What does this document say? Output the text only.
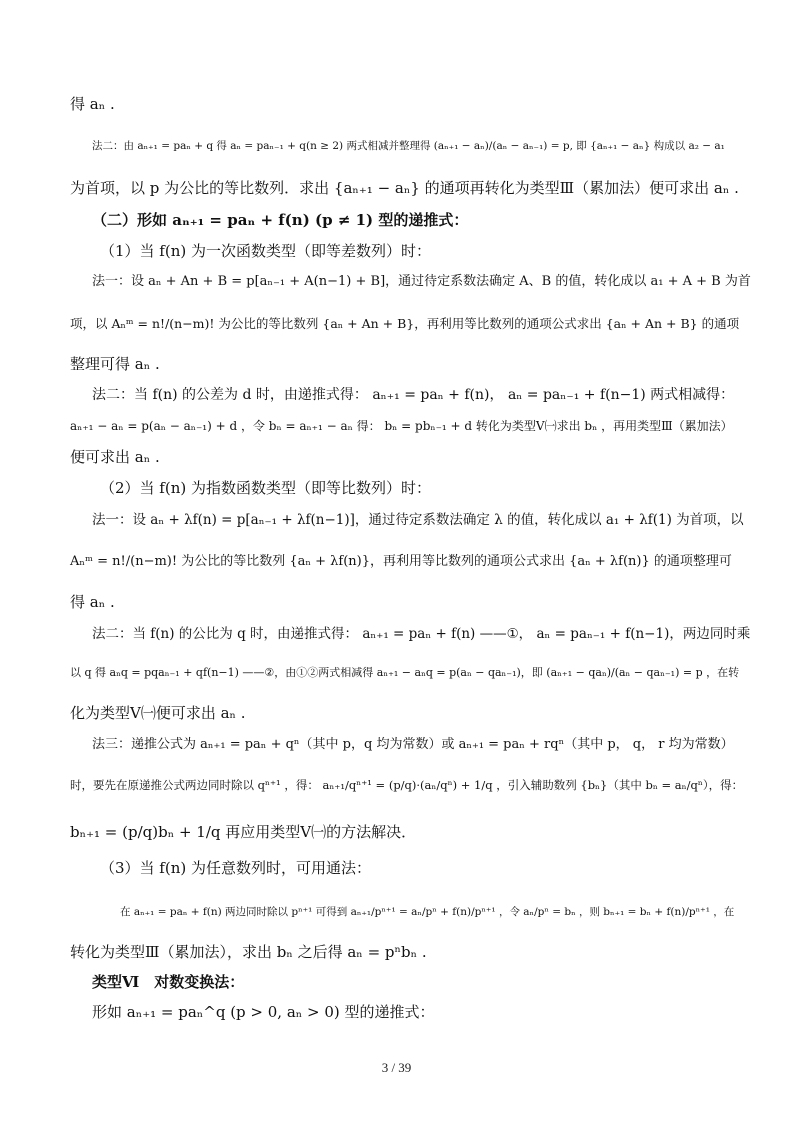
得 aₙ .
法二：由 aₙ₊₁ = paₙ + q 得 aₙ = paₙ₋₁ + q(n ≥ 2) 两式相减并整理得 (aₙ₊₁ − aₙ)/(aₙ − aₙ₋₁) = p, 即 {aₙ₊₁ − aₙ} 构成以 a₂ − a₁
为首项，以 p 为公比的等比数列．求出 {aₙ₊₁ − aₙ} 的通项再转化为类型Ⅲ（累加法）便可求出 aₙ .
（二）形如 aₙ₊₁ = paₙ + f(n) (p ≠ 1) 型的递推式：
（1）当 f(n) 为一次函数类型（即等差数列）时：
法一：设 aₙ + An + B = p[aₙ₋₁ + A(n−1) + B]，通过待定系数法确定 A、B 的值，转化成以 a₁ + A + B 为首
项，以 Aₙᵐ = n!/(n−m)! 为公比的等比数列 {aₙ + An + B}，再利用等比数列的通项公式求出 {aₙ + An + B} 的通项
整理可得 aₙ .
法二：当 f(n) 的公差为 d 时，由递推式得： aₙ₊₁ = paₙ + f(n)， aₙ = paₙ₋₁ + f(n−1) 两式相减得：
aₙ₊₁ − aₙ = p(aₙ − aₙ₋₁) + d ，令 bₙ = aₙ₊₁ − aₙ 得： bₙ = pbₙ₋₁ + d 转化为类型Ⅴ㈠求出 bₙ ，再用类型Ⅲ（累加法）
便可求出 aₙ .
（2）当 f(n) 为指数函数类型（即等比数列）时：
法一：设 aₙ + λf(n) = p[aₙ₋₁ + λf(n−1)]，通过待定系数法确定 λ 的值，转化成以 a₁ + λf(1) 为首项，以
Aₙᵐ = n!/(n−m)! 为公比的等比数列 {aₙ + λf(n)}，再利用等比数列的通项公式求出 {aₙ + λf(n)} 的通项整理可
得 aₙ .
法二：当 f(n) 的公比为 q 时，由递推式得： aₙ₊₁ = paₙ + f(n) ——①， aₙ = paₙ₋₁ + f(n−1)，两边同时乘
以 q 得 aₙq = pqaₙ₋₁ + qf(n−1) ——②，由①②两式相减得 aₙ₊₁ − aₙq = p(aₙ − qaₙ₋₁)，即 (aₙ₊₁ − qaₙ)/(aₙ − qaₙ₋₁) = p ，在转
化为类型Ⅴ㈠便可求出 aₙ .
法三：递推公式为 aₙ₊₁ = paₙ + qⁿ（其中 p，q 均为常数）或 aₙ₊₁ = paₙ + rqⁿ（其中 p， q， r 均为常数）
时，要先在原递推公式两边同时除以 qⁿ⁺¹ ，得： aₙ₊₁/qⁿ⁺¹ = (p/q)·(aₙ/qⁿ) + 1/q ，引入辅助数列 {bₙ}（其中 bₙ = aₙ/qⁿ），得：
bₙ₊₁ = (p/q)bₙ + 1/q 再应用类型Ⅴ㈠的方法解决．
（3）当 f(n) 为任意数列时，可用通法：
在 aₙ₊₁ = paₙ + f(n) 两边同时除以 pⁿ⁺¹ 可得到 aₙ₊₁/pⁿ⁺¹ = aₙ/pⁿ + f(n)/pⁿ⁺¹ ，令 aₙ/pⁿ = bₙ ，则 bₙ₊₁ = bₙ + f(n)/pⁿ⁺¹ ，在
转化为类型Ⅲ（累加法），求出 bₙ 之后得 aₙ = pⁿbₙ .
类型Ⅵ　对数变换法：
形如 aₙ₊₁ = paₙ^q (p > 0, aₙ > 0) 型的递推式：
3 / 39
